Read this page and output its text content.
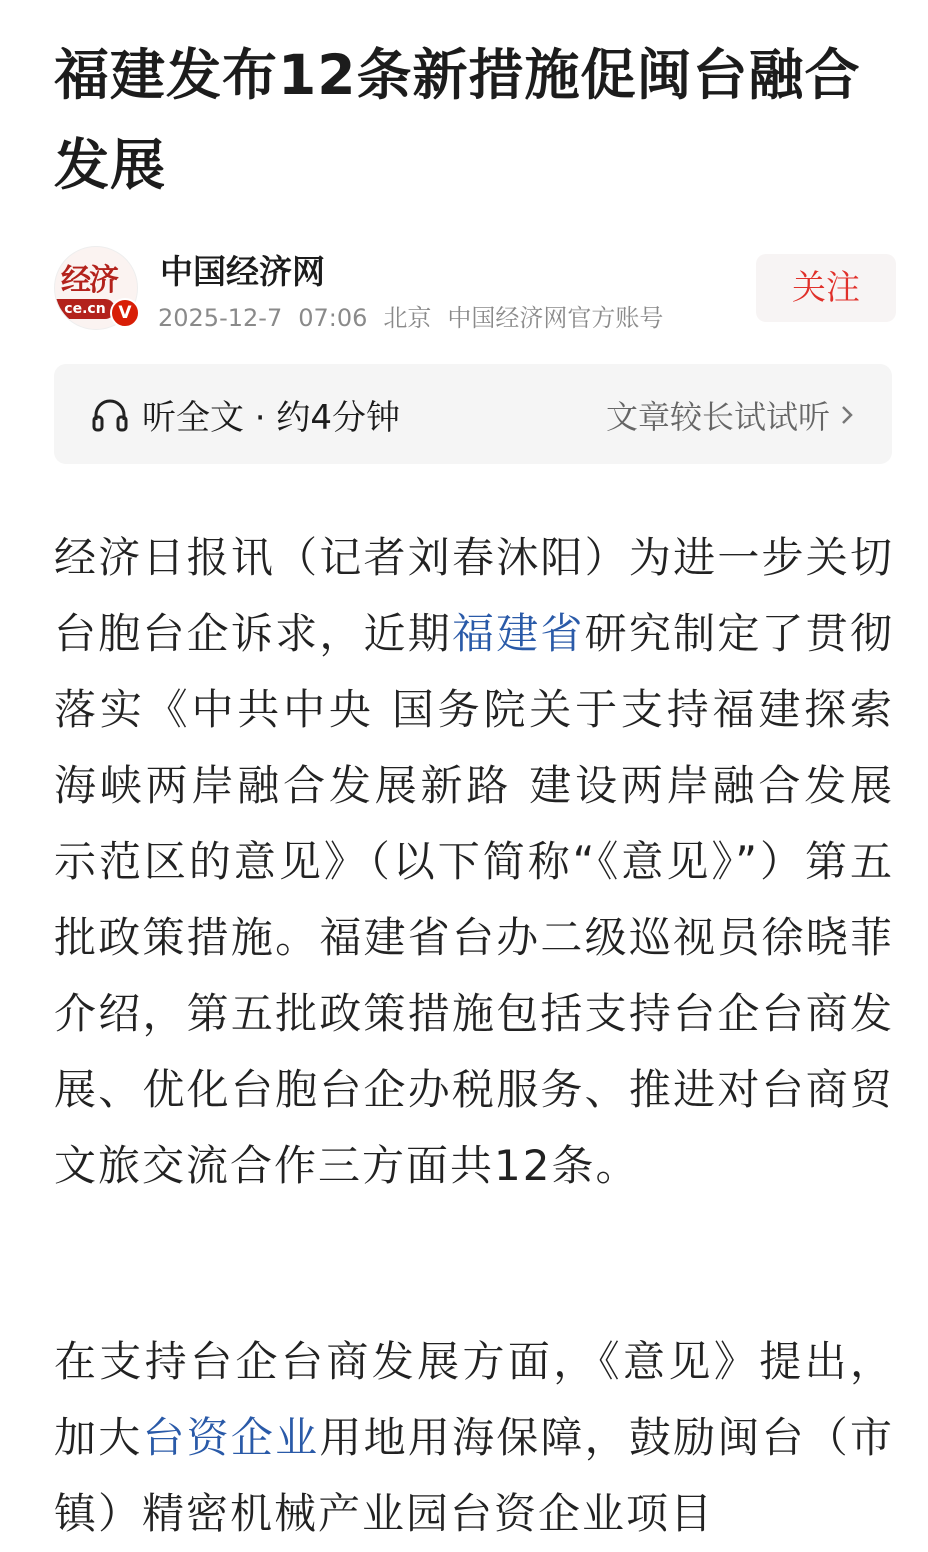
福建发布12条新措施促闽台融合发展
经济
ce.cn V
中国经济网
2025-12-7 07:06 北京 中国经济网官方账号
关注
听全文 · 约4分钟	文章较长试试听
经济日报讯（记者刘春沐阳）为进一步关切台胞台企诉求，近期福建省研究制定了贯彻落实《中共中央 国务院关于支持福建探索海峡两岸融合发展新路 建设两岸融合发展示范区的意见》（以下简称“《意见》”）第五批政策措施。福建省台办二级巡视员徐晓菲介绍，第五批政策措施包括支持台企台商发展、优化台胞台企办税服务、推进对台商贸文旅交流合作三方面共12条。
在支持台企台商发展方面，《意见》提出，加大台资企业用地用海保障，鼓励闽台（市镇）精密机械产业园台资企业项目
